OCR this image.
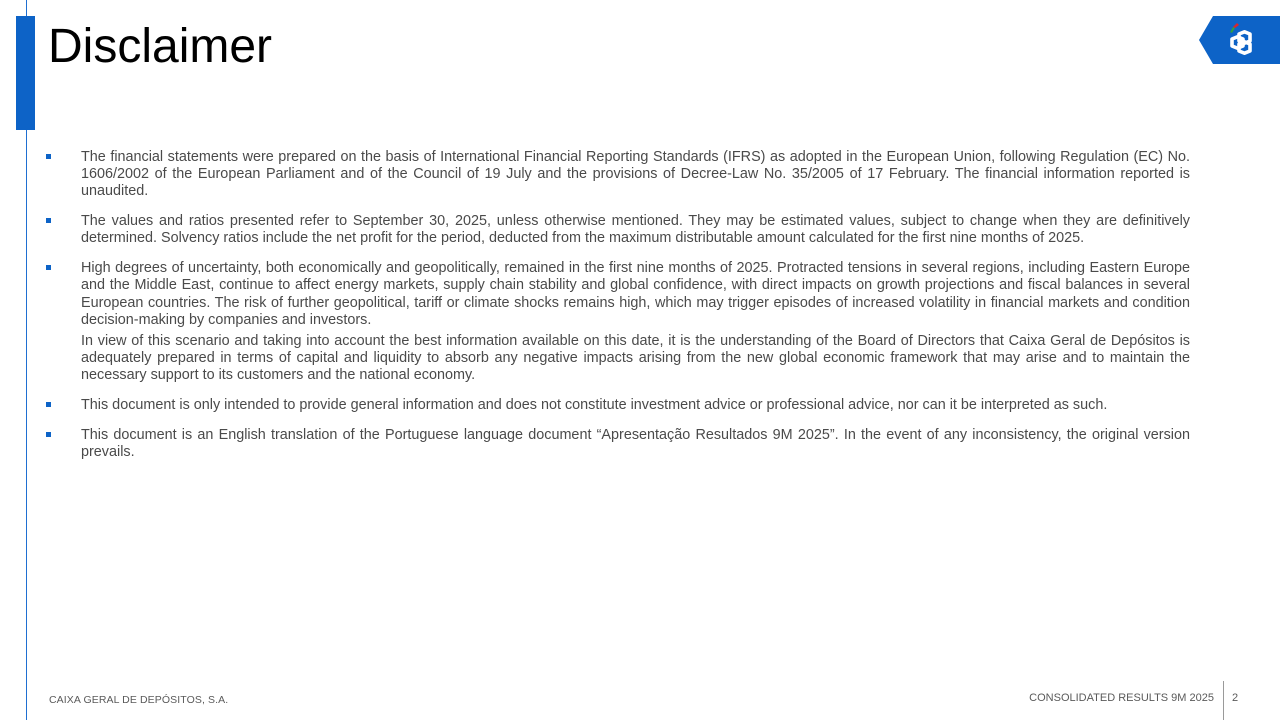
Disclaimer
The financial statements were prepared on the basis of International Financial Reporting Standards (IFRS) as adopted in the European Union, following Regulation (EC) No. 1606/2002 of the European Parliament and of the Council of 19 July and the provisions of Decree-Law No. 35/2005 of 17 February. The financial information reported is unaudited.
The values and ratios presented refer to September 30, 2025, unless otherwise mentioned. They may be estimated values, subject to change when they are definitively determined. Solvency ratios include the net profit for the period, deducted from the maximum distributable amount calculated for the first nine months of 2025.
High degrees of uncertainty, both economically and geopolitically, remained in the first nine months of 2025. Protracted tensions in several regions, including Eastern Europe and the Middle East, continue to affect energy markets, supply chain stability and global confidence, with direct impacts on growth projections and fiscal balances in several European countries. The risk of further geopolitical, tariff or climate shocks remains high, which may trigger episodes of increased volatility in financial markets and condition decision-making by companies and investors.
In view of this scenario and taking into account the best information available on this date, it is the understanding of the Board of Directors that Caixa Geral de Depósitos is adequately prepared in terms of capital and liquidity to absorb any negative impacts arising from the new global economic framework that may arise and to maintain the necessary support to its customers and the national economy.
This document is only intended to provide general information and does not constitute investment advice or professional advice, nor can it be interpreted as such.
This document is an English translation of the Portuguese language document “Apresentação Resultados 9M 2025”. In the event of any inconsistency, the original version prevails.
CAIXA GERAL DE DEPÓSITOS, S.A.	CONSOLIDATED RESULTS 9M 2025 2
